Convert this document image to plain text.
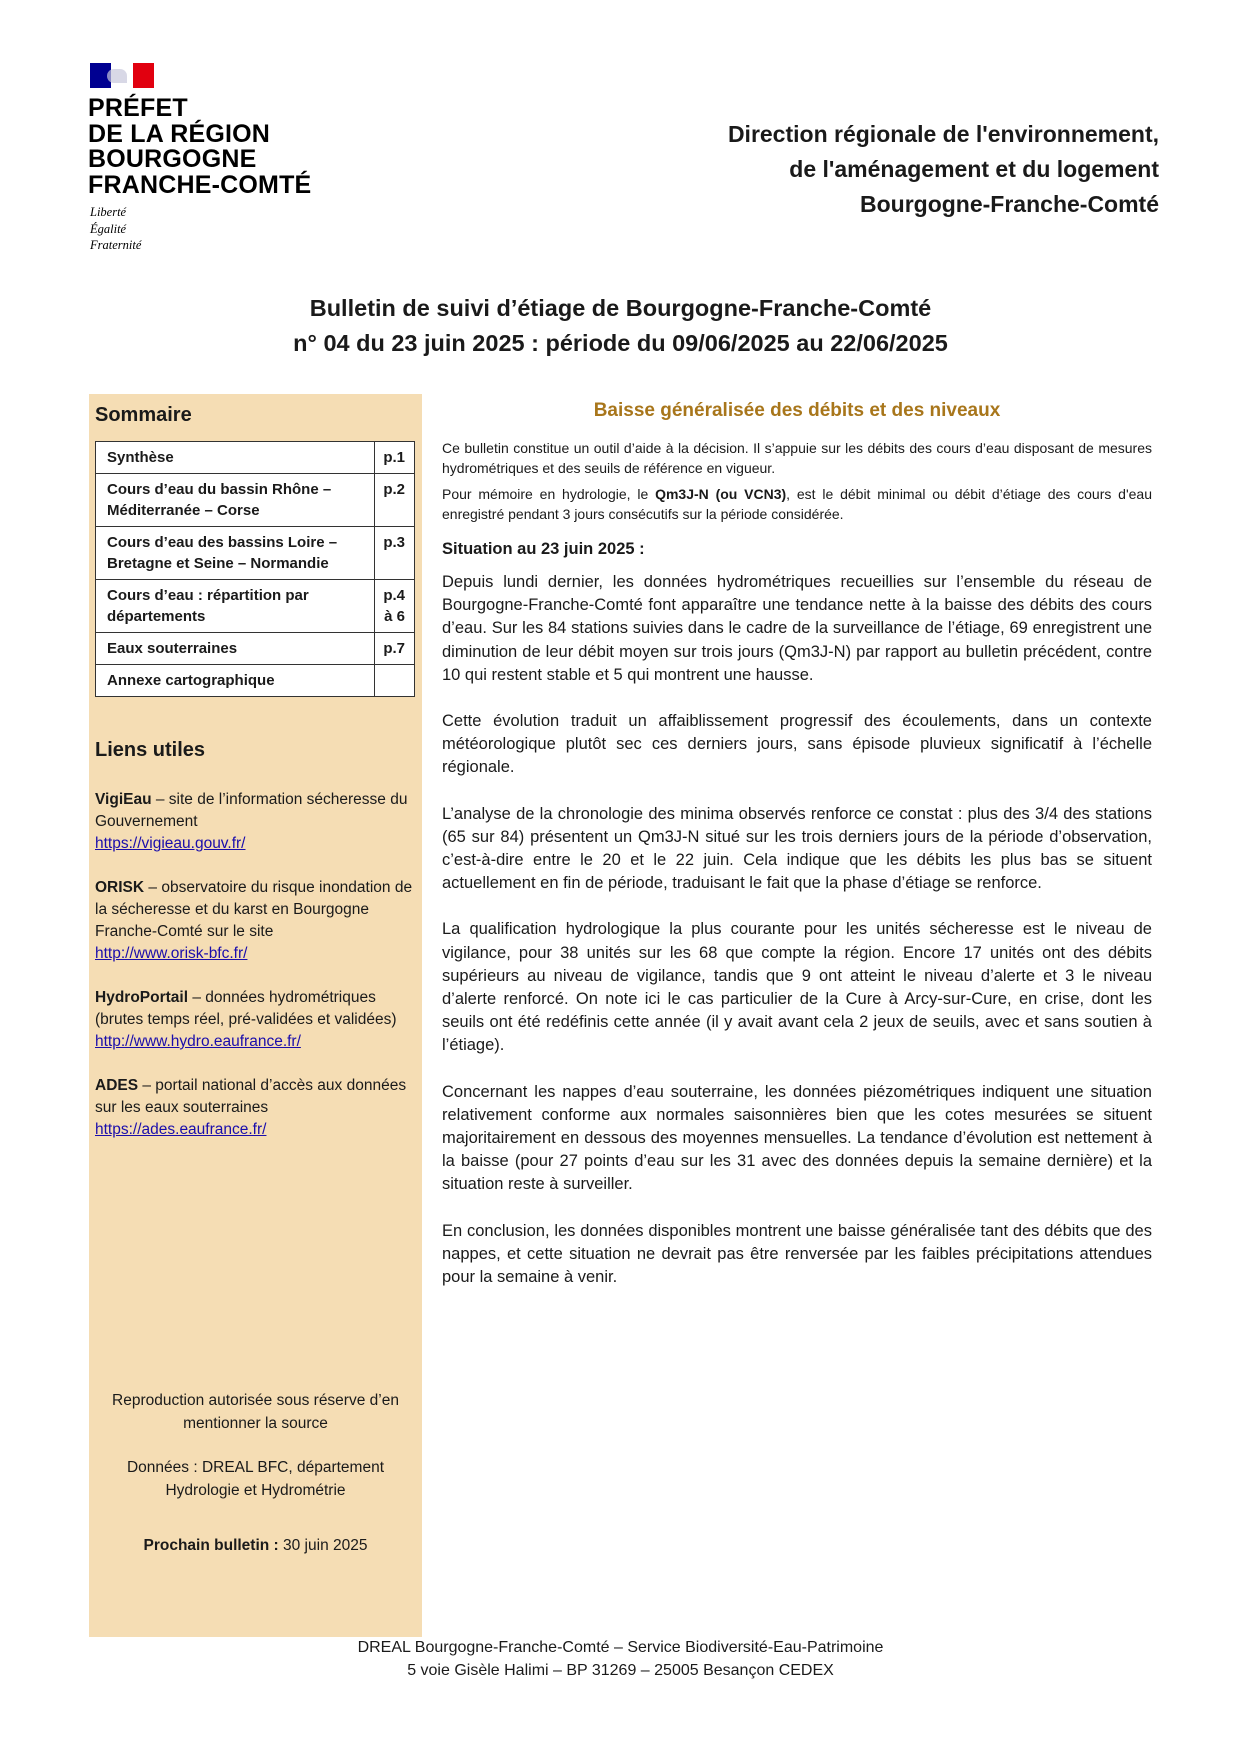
PRÉFET
DE LA RÉGION
BOURGOGNE
FRANCHE-COMTÉ
Liberté
Égalité
Fraternité
Direction régionale de l'environnement,
de l'aménagement et du logement
Bourgogne-Franche-Comté
Bulletin de suivi d’étiage de Bourgogne-Franche-Comté
n° 04 du 23 juin 2025 : période du 09/06/2025 au 22/06/2025
Sommaire
Synthèse	p.1
Cours d’eau du bassin Rhône – Méditerranée – Corse	p.2
Cours d’eau des bassins Loire – Bretagne et Seine – Normandie	p.3
Cours d’eau : répartition par départements	p.4 à 6
Eaux souterraines	p.7
Annexe cartographique	
Liens utiles
VigiEau – site de l’information sécheresse du Gouvernement
https://vigieau.gouv.fr/
ORISK – observatoire du risque inondation de la sécheresse et du karst en Bourgogne Franche-Comté sur le site
http://www.orisk-bfc.fr/
HydroPortail – données hydrométriques (brutes temps réel, pré-validées et validées)
http://www.hydro.eaufrance.fr/
ADES – portail national d’accès aux données sur les eaux souterraines
https://ades.eaufrance.fr/
Reproduction autorisée sous réserve d’en mentionner la source
Données : DREAL BFC, département Hydrologie et Hydrométrie
Prochain bulletin : 30 juin 2025
Baisse généralisée des débits et des niveaux

Ce bulletin constitue un outil d’aide à la décision. Il s’appuie sur les débits des cours d’eau disposant de mesures hydrométriques et des seuils de référence en vigueur.

Pour mémoire en hydrologie, le Qm3J-N (ou VCN3), est le débit minimal ou débit d’étiage des cours d'eau enregistré pendant 3 jours consécutifs sur la période considérée.

Situation au 23 juin 2025 :

Depuis lundi dernier, les données hydrométriques recueillies sur l’ensemble du réseau de Bourgogne-Franche-Comté font apparaître une tendance nette à la baisse des débits des cours d’eau. Sur les 84 stations suivies dans le cadre de la surveillance de l’étiage, 69 enregistrent une diminution de leur débit moyen sur trois jours (Qm3J-N) par rapport au bulletin précédent, contre 10 qui restent stable et 5 qui montrent une hausse.

Cette évolution traduit un affaiblissement progressif des écoulements, dans un contexte météorologique plutôt sec ces derniers jours, sans épisode pluvieux significatif à l’échelle régionale.

L’analyse de la chronologie des minima observés renforce ce constat : plus des 3/4 des stations (65 sur 84) présentent un Qm3J-N situé sur les trois derniers jours de la période d’observation, c’est-à-dire entre le 20 et le 22 juin. Cela indique que les débits les plus bas se situent actuellement en fin de période, traduisant le fait que la phase d’étiage se renforce.

La qualification hydrologique la plus courante pour les unités sécheresse est le niveau de vigilance, pour 38 unités sur les 68 que compte la région. Encore 17 unités ont des débits supérieurs au niveau de vigilance, tandis que 9 ont atteint le niveau d’alerte et 3 le niveau d’alerte renforcé. On note ici le cas particulier de la Cure à Arcy-sur-Cure, en crise, dont les seuils ont été redéfinis cette année (il y avait avant cela 2 jeux de seuils, avec et sans soutien à l’étiage).

Concernant les nappes d’eau souterraine, les données piézométriques indiquent une situation relativement conforme aux normales saisonnières bien que les cotes mesurées se situent majoritairement en dessous des moyennes mensuelles. La tendance d’évolution est nettement à la baisse (pour 27 points d’eau sur les 31 avec des données depuis la semaine dernière) et la situation reste à surveiller.

En conclusion, les données disponibles montrent une baisse généralisée tant des débits que des nappes, et cette situation ne devrait pas être renversée par les faibles précipitations attendues pour la semaine à venir.

DREAL Bourgogne-Franche-Comté – Service Biodiversité-Eau-Patrimoine
5 voie Gisèle Halimi – BP 31269 – 25005 Besançon CEDEX
